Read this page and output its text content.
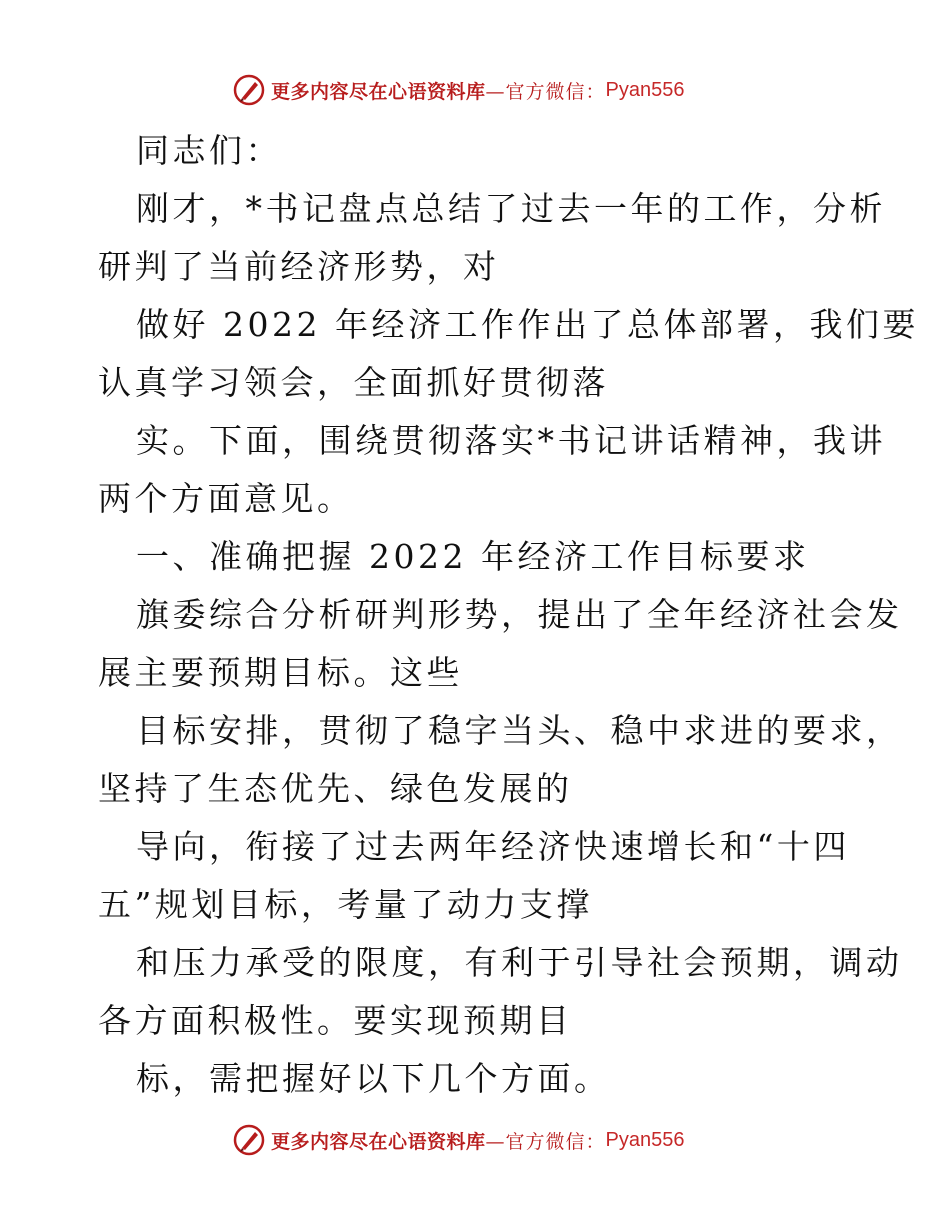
更多内容尽在心语资料库 —官方微信： Pyan556
同志们：
刚才，*书记盘点总结了过去一年的工作，分析
研判了当前经济形势，对
做好 2022 年经济工作作出了总体部署，我们要
认真学习领会，全面抓好贯彻落
实。下面，围绕贯彻落实*书记讲话精神，我讲
两个方面意见。
一、准确把握 2022 年经济工作目标要求
旗委综合分析研判形势，提出了全年经济社会发
展主要预期目标。这些
目标安排，贯彻了稳字当头、稳中求进的要求，
坚持了生态优先、绿色发展的
导向，衔接了过去两年经济快速增长和“十四
五”规划目标，考量了动力支撑
和压力承受的限度，有利于引导社会预期，调动
各方面积极性。要实现预期目
标，需把握好以下几个方面。
更多内容尽在心语资料库 —官方微信： Pyan556
